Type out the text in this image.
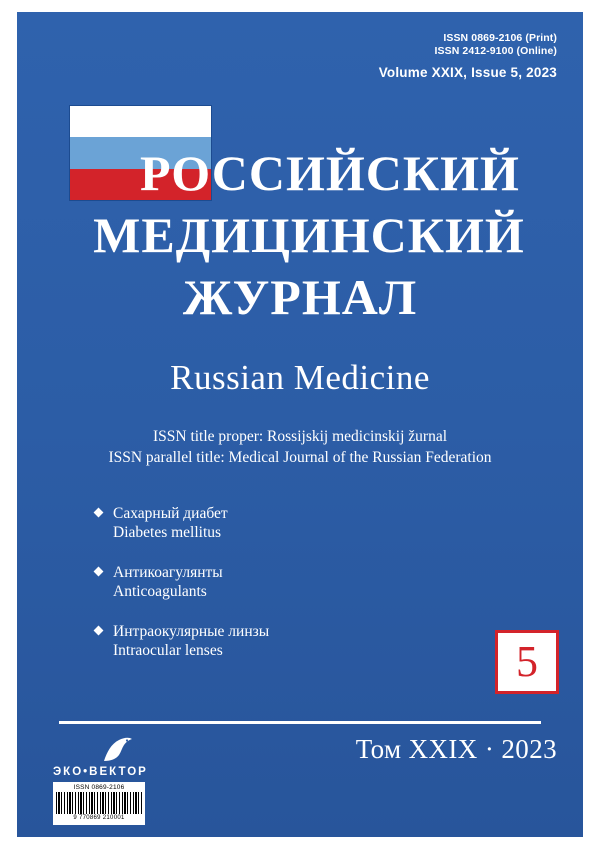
ISSN 0869-2106 (Print)
ISSN 2412-9100 (Online)
Volume XXIX, Issue 5, 2023
РОССИЙСКИЙ
МЕДИЦИНСКИЙ
ЖУРНАЛ
Russian Medicine
ISSN title proper: Rossijskij medicinskij žurnal
ISSN parallel title: Medical Journal of the Russian Federation
Сахарный диабет
Diabetes mellitus
Антикоагулянты
Anticoagulants
Интраокулярные линзы
Intraocular lenses	5
Том XXIX · 2023
ЭКО•ВЕКТОР
ISSN 0869-2106
9 770869 210001
